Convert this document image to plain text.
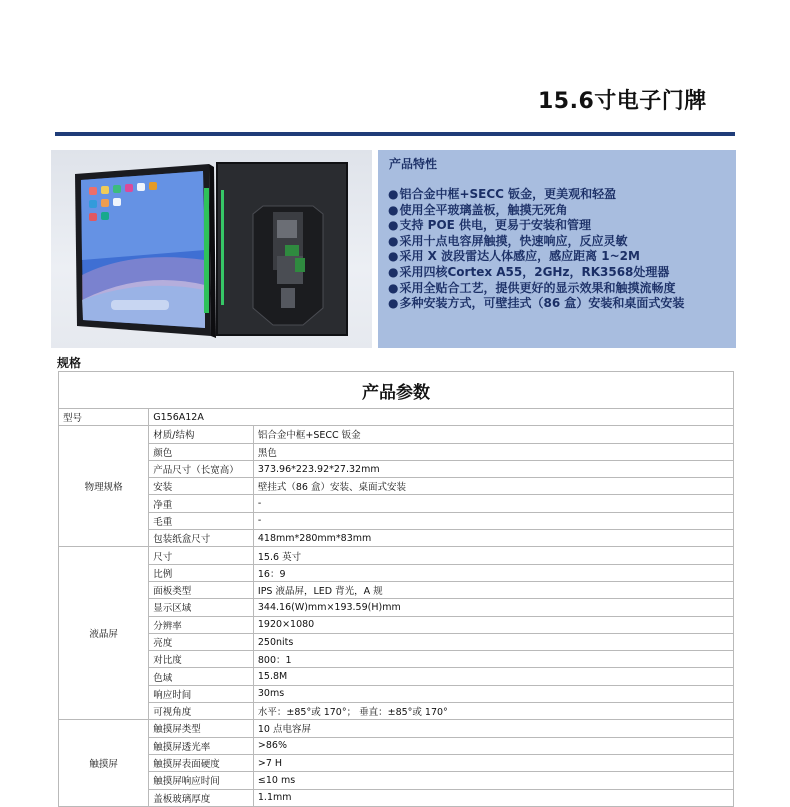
15.6寸电子门牌
产品特性
● 铝合金中框+SECC 钣金，更美观和轻盈
● 使用全平玻璃盖板，触摸无死角
● 支持 POE 供电，更易于安装和管理
● 采用十点电容屏触摸，快速响应，反应灵敏
● 采用 X 波段雷达人体感应，感应距离 1~2M
● 采用四核Cortex A55，2GHz，RK3568处理器
● 采用全贴合工艺，提供更好的显示效果和触摸流畅度
● 多种安装方式，可壁挂式（86 盒）安装和桌面式安装
规格
产品参数		
型号	G156A12A	
物理规格	材质/结构	铝合金中框+SECC 钣金
	颜色	黑色
	产品尺寸（长宽高）	373.96*223.92*27.32mm
	安装	壁挂式（86 盒）安装、桌面式安装
	净重	-
	毛重	-
	包装纸盒尺寸	418mm*280mm*83mm
液晶屏	尺寸	15.6 英寸
	比例	16：9
	面板类型	IPS 液晶屏，LED 背光，A 规
	显示区域	344.16(W)mm×193.59(H)mm
	分辨率	1920×1080
	亮度	250nits
	对比度	800：1
	色域	15.8M
	响应时间	30ms
	可视角度	水平：±85°或 170°； 垂直：±85°或 170°
触摸屏	触摸屏类型	10 点电容屏
	触摸屏透光率	>86%
	触摸屏表面硬度	>7 H
	触摸屏响应时间	≤10 ms
	盖板玻璃厚度	1.1mm
